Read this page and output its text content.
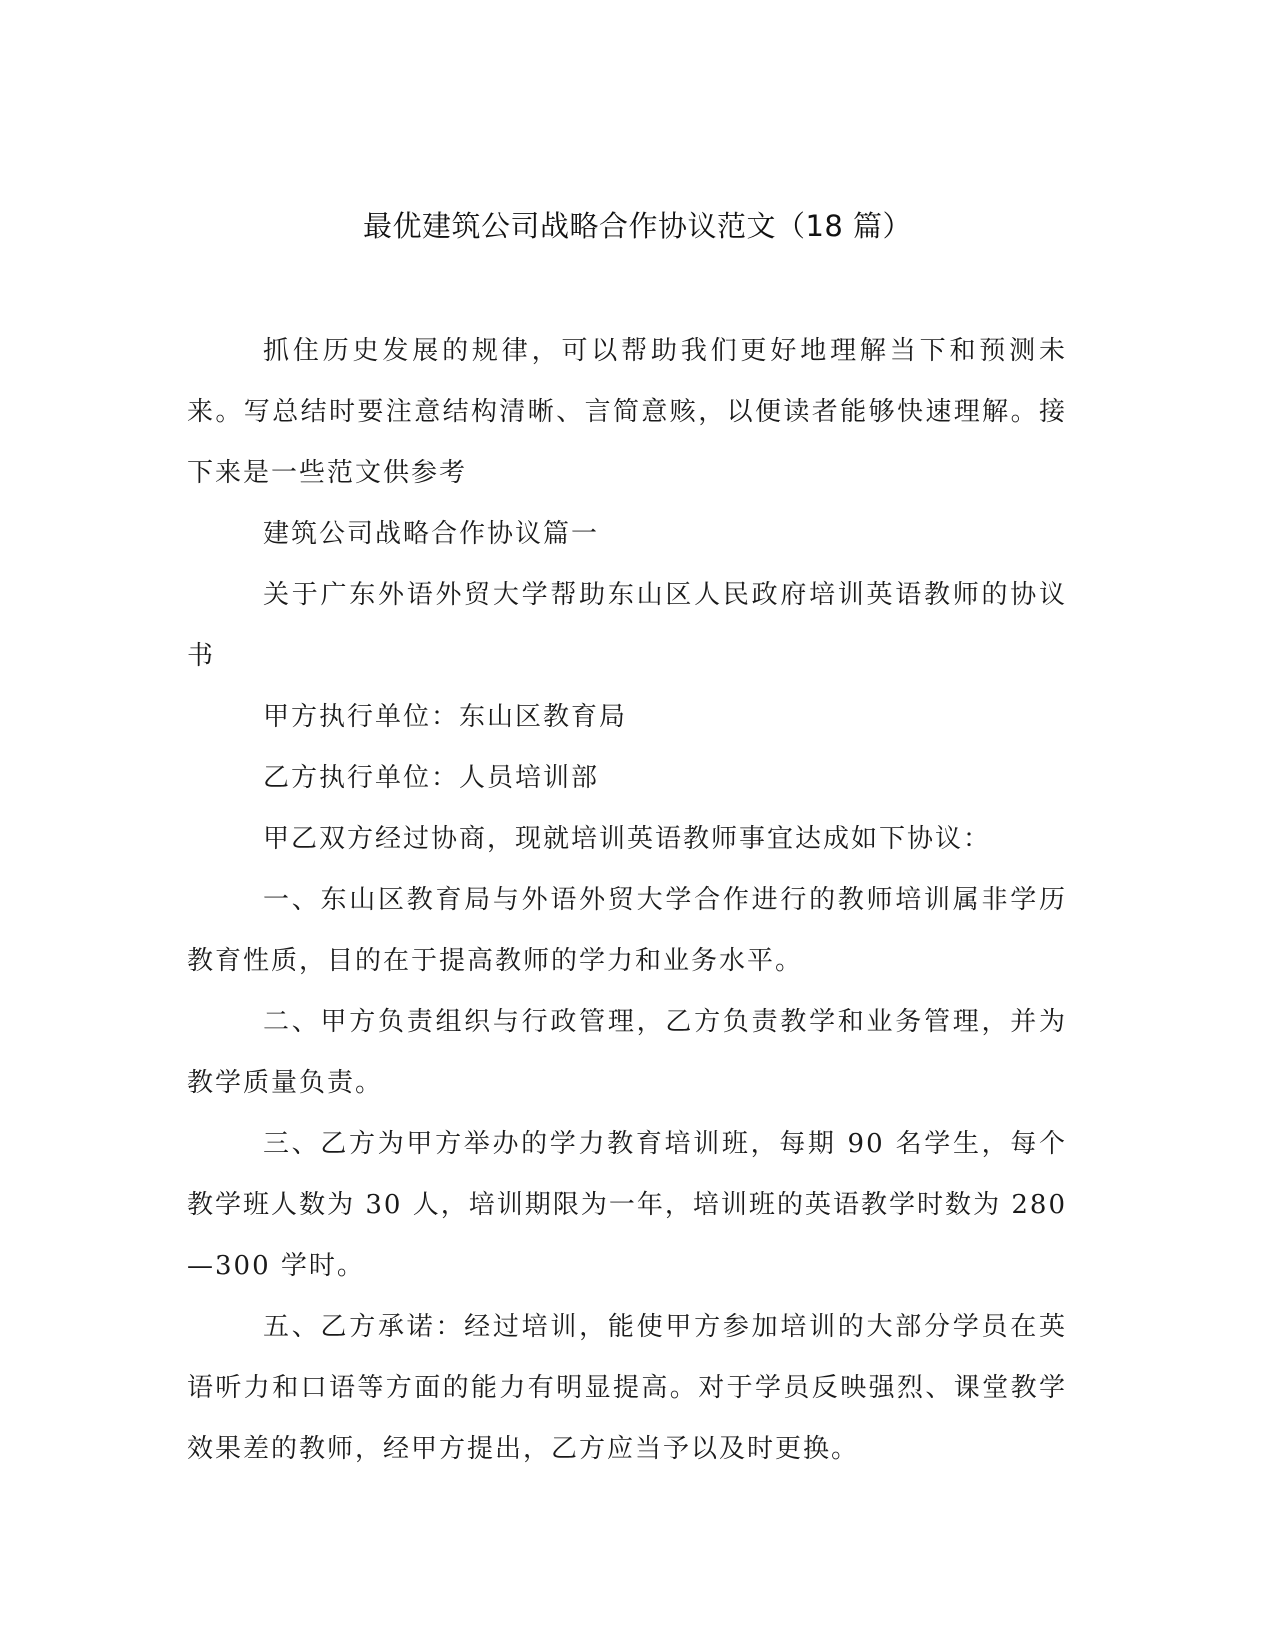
最优建筑公司战略合作协议范文（18 篇）

抓住历史发展的规律，可以帮助我们更好地理解当下和预测未来。写总结时要注意结构清晰、言简意赅，以便读者能够快速理解。接下来是一些范文供参考

建筑公司战略合作协议篇一

关于广东外语外贸大学帮助东山区人民政府培训英语教师的协议书

甲方执行单位：东山区教育局

乙方执行单位：人员培训部

甲乙双方经过协商，现就培训英语教师事宜达成如下协议：

一、东山区教育局与外语外贸大学合作进行的教师培训属非学历教育性质，目的在于提高教师的学力和业务水平。

二、甲方负责组织与行政管理，乙方负责教学和业务管理，并为教学质量负责。

三、乙方为甲方举办的学力教育培训班，每期 90 名学生，每个教学班人数为 30 人，培训期限为一年，培训班的英语教学时数为 280—300 学时。

五、乙方承诺：经过培训，能使甲方参加培训的大部分学员在英语听力和口语等方面的能力有明显提高。对于学员反映强烈、课堂教学效果差的教师，经甲方提出，乙方应当予以及时更换。
